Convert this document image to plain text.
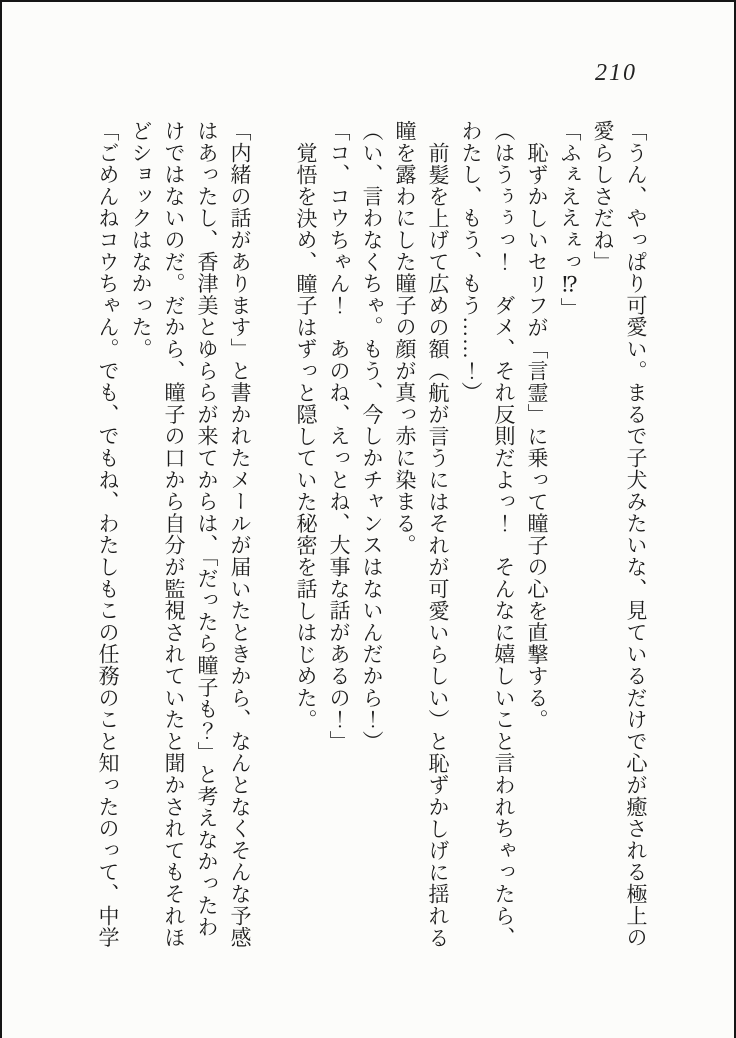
210
「うん、やっぱり可愛い。まるで子犬みたいな、見ているだけで心が癒される極上の
愛らしさだね」
「ふぇええぇっ⁉」
恥ずかしいセリフが「言霊」に乗って瞳子の心を直撃する。
（はうぅぅっ！　ダメ、それ反則だよっ！　そんなに嬉しいこと言われちゃったら、
わたし、もう、もう……！）
前髪を上げて広めの額（航が言うにはそれが可愛いらしい）と恥ずかしげに揺れる
瞳を露わにした瞳子の顔が真っ赤に染まる。
（い、言わなくちゃ。もう、今しかチャンスはないんだから！）
「コ、コウちゃん！　あのね、えっとね、大事な話があるの！」
覚悟を決め、瞳子はずっと隠していた秘密を話しはじめた。
「内緒の話があります」と書かれたメールが届いたときから、なんとなくそんな予感
はあったし、香津美とゆららが来てからは、「だったら瞳子も？」と考えなかったわ
けではないのだ。だから、瞳子の口から自分が監視されていたと聞かされてもそれほ
どショックはなかった。
「ごめんねコウちゃん。でも、でもね、わたしもこの任務のこと知ったのって、中学
